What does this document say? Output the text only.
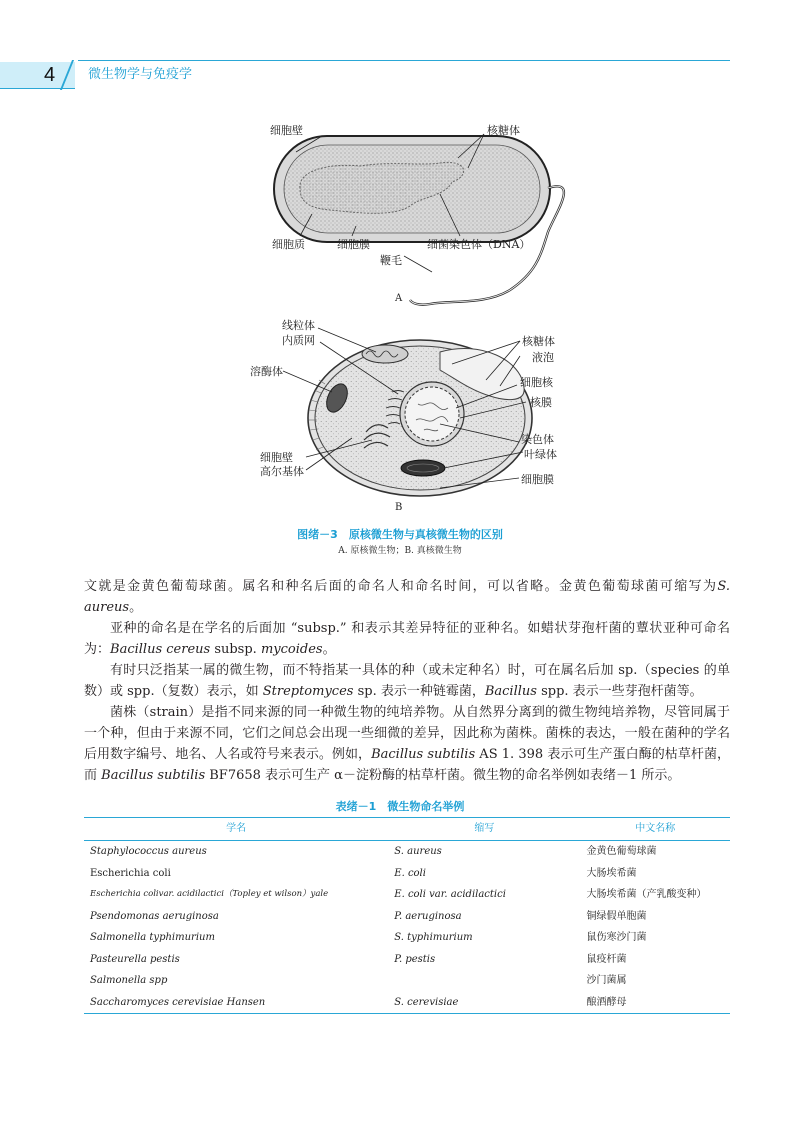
4	微生物学与免疫学
细胞壁	核糖体
细胞质	细胞膜	细菌染色体（DNA）
鞭毛
A
线粒体
内质网
溶酶体
细胞壁
高尔基体
核糖体
液泡
细胞核
核膜
染色体
叶绿体
细胞膜
B
图绪－3　原核微生物与真核微生物的区别
A. 原核微生物；B. 真核微生物

文就是金黄色葡萄球菌。属名和种名后面的命名人和命名时间，可以省略。金黄色葡萄球菌可缩写为S. aureus。

亚种的命名是在学名的后面加 “subsp.” 和表示其差异特征的亚种名。如蜡状芽孢杆菌的蕈状亚种可命名为：Bacillus cereus subsp. mycoides。

有时只泛指某一属的微生物，而不特指某一具体的种（或未定种名）时，可在属名后加 sp.（species 的单数）或 spp.（复数）表示，如 Streptomyces sp. 表示一种链霉菌，Bacillus spp. 表示一些芽孢杆菌等。

菌株（strain）是指不同来源的同一种微生物的纯培养物。从自然界分离到的微生物纯培养物，尽管同属于一个种，但由于来源不同，它们之间总会出现一些细微的差异，因此称为菌株。菌株的表达，一般在菌种的学名后用数字编号、地名、人名或符号来表示。例如，Bacillus subtilis AS 1. 398 表示可生产蛋白酶的枯草杆菌，而 Bacillus subtilis BF7658 表示可生产 α－淀粉酶的枯草杆菌。微生物的命名举例如表绪－1 所示。

表绪－1　微生物命名举例
学名	缩写	中文名称
Staphylococcus aureus	S. aureus	金黄色葡萄球菌
Escherichia coli	E. coli	大肠埃希菌
Escherichia colivar. acidilactici（Topley et wilson）yale	E. coli var. acidilactici	大肠埃希菌（产乳酸变种）
Psendomonas aeruginosa	P. aeruginosa	铜绿假单胞菌
Salmonella typhimurium	S. typhimurium	鼠伤寒沙门菌
Pasteurella pestis	P. pestis	鼠疫杆菌
Salmonella spp		沙门菌属
Saccharomyces cerevisiae Hansen	S. cerevisiae	酿酒酵母
